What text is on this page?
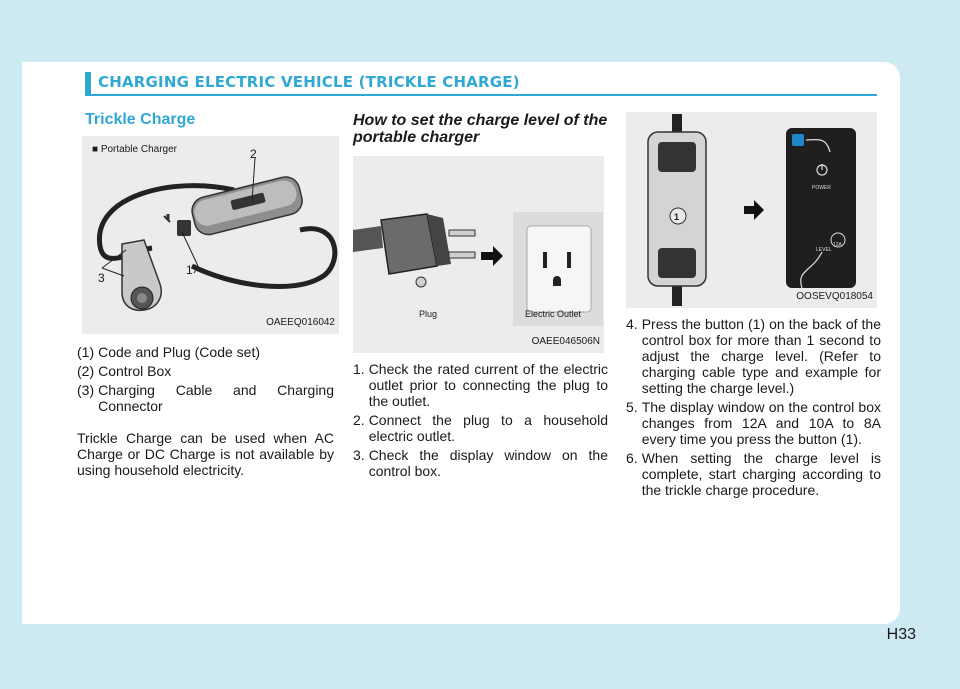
CHARGING ELECTRIC VEHICLE (TRICKLE CHARGE)
Trickle Charge
■ Portable Charger	2
1
3
OAEEQ016042
(1) Code and Plug (Code set)
(2) Control Box
(3) Charging Cable and Charging Connector

Trickle Charge can be used when AC Charge or DC Charge is not available by using household electricity.

How to set the charge level of the portable charger
Plug	Electric Outlet
OAEE046506N
1. Check the rated current of the electric outlet prior to connecting the plug to the outlet.
2. Connect the plug to a household electric outlet.
3. Check the display window on the control box.
1
POWER
LEVEL
12A
OOSEVQ018054
4. Press the button (1) on the back of the control box for more than 1 second to adjust the charge level. (Refer to charging cable type and example for setting the charge level.)
5. The display window on the control box changes from 12A and 10A to 8A every time you press the button (1).
6. When setting the charge level is complete, start charging according to the trickle charge procedure.
H33
